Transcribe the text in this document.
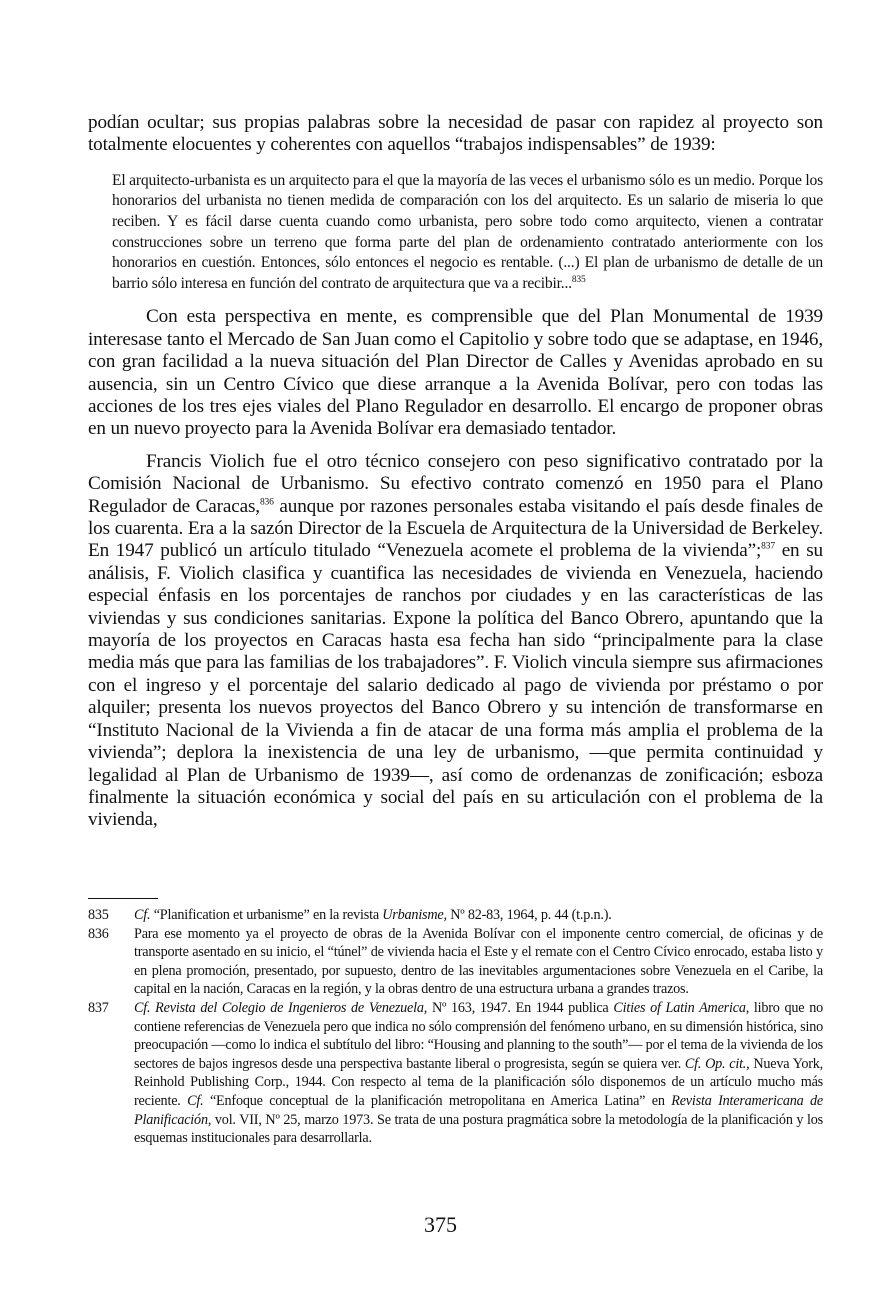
podían ocultar; sus propias palabras sobre la necesidad de pasar con rapidez al proyecto son totalmente elocuentes y coherentes con aquellos “trabajos indispensables” de 1939:

El arquitecto-urbanista es un arquitecto para el que la mayoría de las veces el urbanismo sólo es un medio. Porque los honorarios del urbanista no tienen medida de comparación con los del arquitecto. Es un salario de miseria lo que reciben. Y es fácil darse cuenta cuando como urbanista, pero sobre todo como arquitecto, vienen a contratar construcciones sobre un terreno que forma parte del plan de ordenamiento contratado anteriormente con los honorarios en cuestión. Entonces, sólo entonces el negocio es rentable. (...) El plan de urbanismo de detalle de un barrio sólo interesa en función del contrato de arquitectura que va a recibir...$^{835}$

Con esta perspectiva en mente, es comprensible que del Plan Monumental de 1939 interesase tanto el Mercado de San Juan como el Capitolio y sobre todo que se adaptase, en 1946, con gran facilidad a la nueva situación del Plan Director de Calles y Avenidas aprobado en su ausencia, sin un Centro Cívico que diese arranque a la Avenida Bolívar, pero con todas las acciones de los tres ejes viales del Plano Regulador en desarrollo. El encargo de proponer obras en un nuevo proyecto para la Avenida Bolívar era demasiado tentador.

Francis Violich fue el otro técnico consejero con peso significativo contratado por la Comisión Nacional de Urbanismo. Su efectivo contrato comenzó en 1950 para el Plano Regulador de Caracas,$^{836}$ aunque por razones personales estaba visitando el país desde finales de los cuarenta. Era a la sazón Director de la Escuela de Arquitectura de la Universidad de Berkeley. En 1947 publicó un artículo titulado “Venezuela acomete el problema de la vivienda”;$^{837}$ en su análisis, F. Violich clasifica y cuantifica las necesidades de vivienda en Venezuela, haciendo especial énfasis en los porcentajes de ranchos por ciudades y en las características de las viviendas y sus condiciones sanitarias. Expone la política del Banco Obrero, apuntando que la mayoría de los proyectos en Caracas hasta esa fecha han sido “principalmente para la clase media más que para las familias de los trabajadores”. F. Violich vincula siempre sus afirmaciones con el ingreso y el porcentaje del salario dedicado al pago de vivienda por préstamo o por alquiler; presenta los nuevos proyectos del Banco Obrero y su intención de transformarse en “Instituto Nacional de la Vivienda a fin de atacar de una forma más amplia el problema de la vivienda”; deplora la inexistencia de una ley de urbanismo, —que permita continuidad y legalidad al Plan de Urbanismo de 1939—, así como de ordenanzas de zonificación; esboza finalmente la situación económica y social del país en su articulación con el problema de la vivienda,

835	Cf. “Planification et urbanisme” en la revista Urbanisme, Nº 82-83, 1964, p. 44 (t.p.n.).
836	Para ese momento ya el proyecto de obras de la Avenida Bolívar con el imponente centro comercial, de oficinas y de transporte asentado en su inicio, el “túnel” de vivienda hacia el Este y el remate con el Centro Cívico enrocado, estaba listo y en plena promoción, presentado, por supuesto, dentro de las inevitables argumentaciones sobre Venezuela en el Caribe, la capital en la nación, Caracas en la región, y la obras dentro de una estructura urbana a grandes trazos.
837	Cf. Revista del Colegio de Ingenieros de Venezuela, Nº 163, 1947. En 1944 publica Cities of Latin America, libro que no contiene referencias de Venezuela pero que indica no sólo comprensión del fenómeno urbano, en su dimensión histórica, sino preocupación —como lo indica el subtítulo del libro: “Housing and planning to the south”— por el tema de la vivienda de los sectores de bajos ingresos desde una perspectiva bastante liberal o progresista, según se quiera ver. Cf. Op. cit., Nueva York, Reinhold Publishing Corp., 1944. Con respecto al tema de la planificación sólo disponemos de un artículo mucho más reciente. Cf. “Enfoque conceptual de la planificación metropolitana en America Latina” en Revista Interamericana de Planificación, vol. VII, Nº 25, marzo 1973. Se trata de una postura pragmática sobre la metodología de la planificación y los esquemas institucionales para desarrollarla.
375
